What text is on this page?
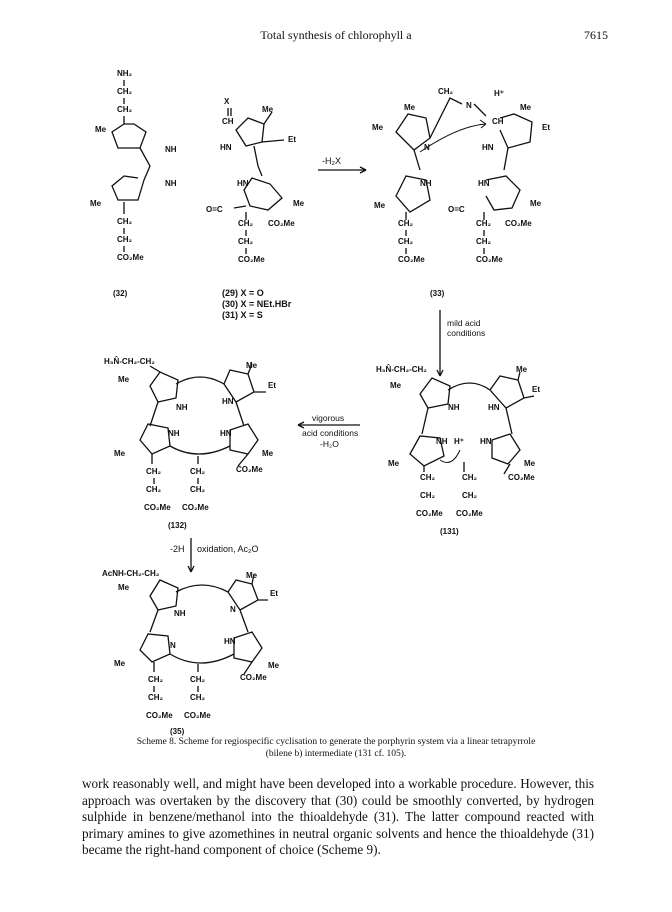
Total synthesis of chlorophyll a	7615
NH₂
CH₂
CH₂
Me
NH
NH
Me
CH₂
CH₂
CO₂Me
(32)
X
CH
Me
Et
HN
HN
Me
O=C
CH₂ CO₂Me
CH₂
CO₂Me
(29) X = O
(30) X = NEt.HBr
(31) X = S
-H₂X
CH₂	H⁺
Me	N	Me
Me
CH
Et
N	HN
NH	HN
Me	Me
O=C
CH₂	CH₂ CO₂Me
CH₂	CH₂
CO₂Me	CO₂Me
(33)
mild acid
conditions
H₃N̂-CH₂-CH₂	Me
Me
Et
NH
HN
NH	HN
Me	Me
CH₂	CH₂	CO₂Me
CH₂	CH₂
CO₂Me CO₂Me
(132)
vigorous
acid conditions
-H₂O
H₃N̂-CH₂-CH₂	Me
Me	Et
NH	HN
NH H⁺ HN
Me	Me
CH₂	CH₂	CO₂Me
CH₂	CH₂
CO₂Me CO₂Me
(131)
-2H oxidation, Ac₂O
AcNH-CH₂-CH₂	Me
Me
Et
NH	N
N	HN
Me	Me
CH₂	CH₂	CO₂Me
CH₂	CH₂
CO₂Me CO₂Me
(35)
Scheme 8. Scheme for regiospecific cyclisation to generate the porphyrin system via a linear tetrapyrrole
(bilene b) intermediate (131 cf. 105).
work reasonably well, and might have been developed into a workable procedure. However, this approach was overtaken by the discovery that (30) could be smoothly converted, by hydrogen sulphide in benzene/methanol into the thioaldehyde (31). The latter compound reacted with primary amines to give azomethines in neutral organic solvents and hence the thioaldehyde (31) became the right-hand component of choice (Scheme 9).
